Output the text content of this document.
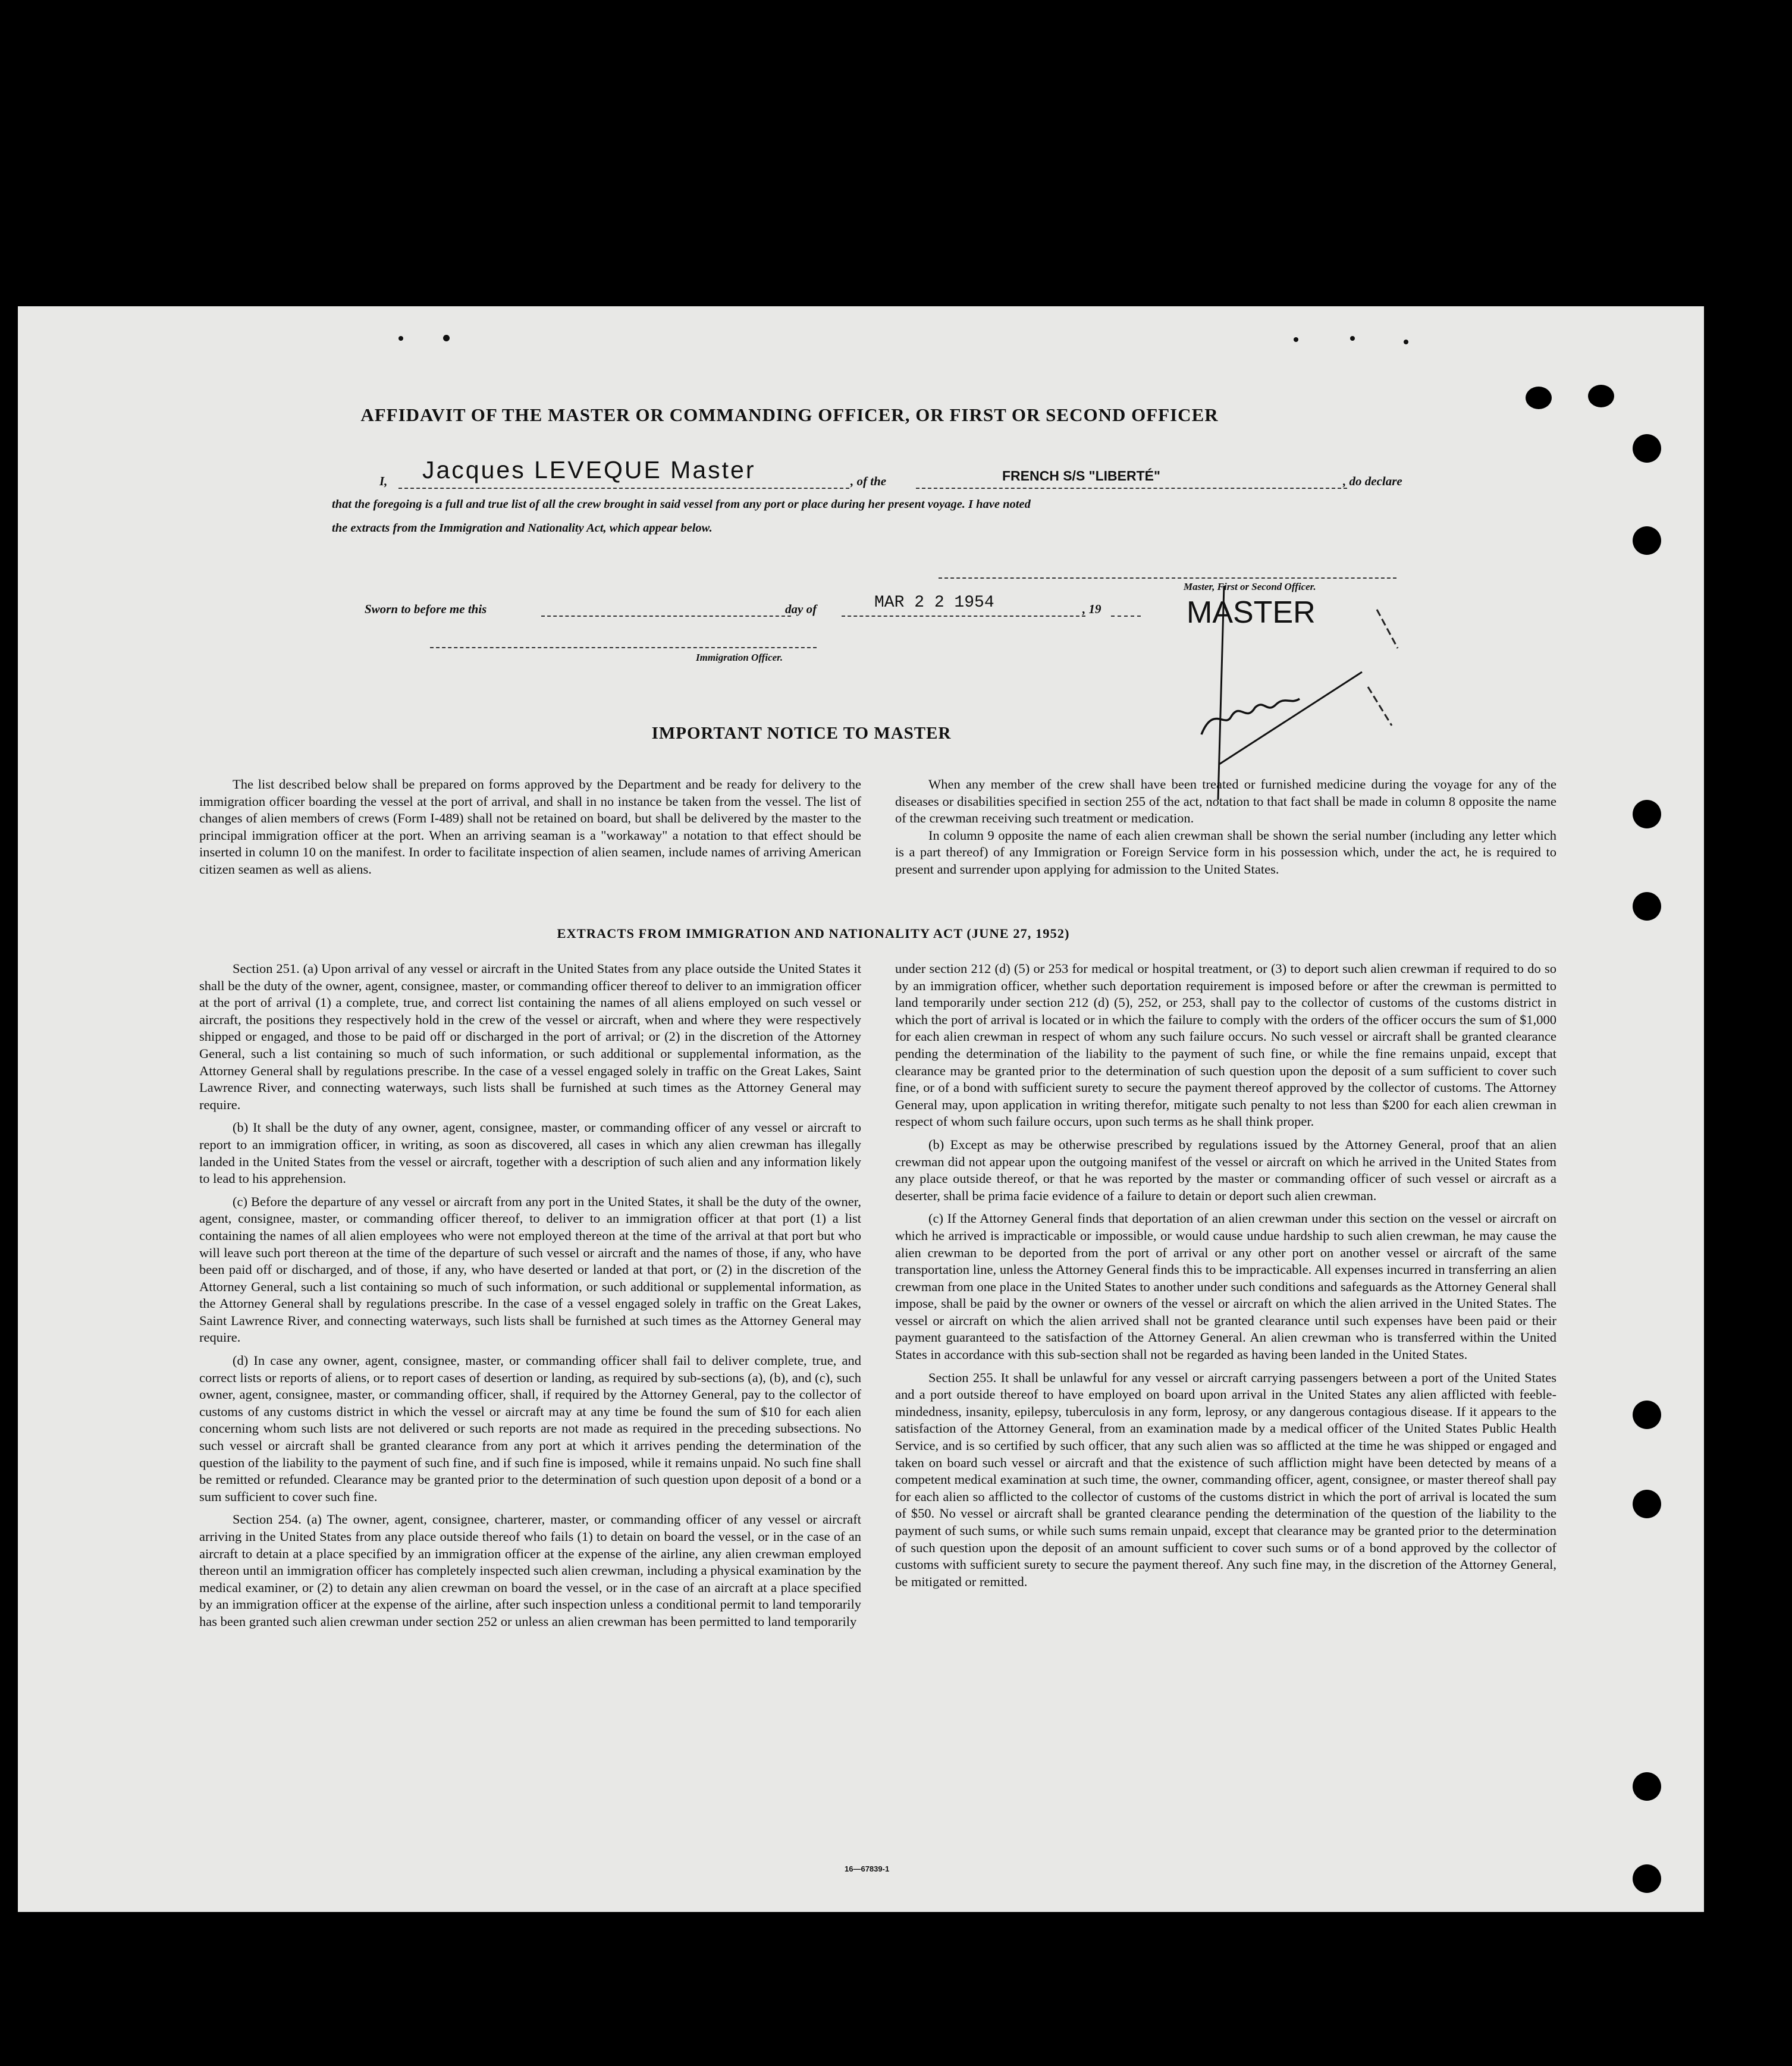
AFFIDAVIT OF THE MASTER OR COMMANDING OFFICER, OR FIRST OR SECOND OFFICER
I, Jacques LEVEQUE Master	, of the	FRENCH S/S "LIBERTÉ"	, do declare
that the foregoing is a full and true list of all the crew brought in said vessel from any port or place during her present voyage. I have noted
the extracts from the Immigration and Nationality Act, which appear below.
Master, First or Second Officer.
Sworn to before me this	day of	MAR 2 2 1954	, 19	MASTER
Immigration Officer.
IMPORTANT NOTICE TO MASTER

The list described below shall be prepared on forms approved by the Department and be ready for delivery to the immigration officer boarding the vessel at the port of arrival, and shall in no instance be taken from the vessel. The list of changes of alien members of crews (Form I-489) shall not be retained on board, but shall be delivered by the master to the principal immigration officer at the port. When an arriving seaman is a "workaway" a notation to that effect should be inserted in column 10 on the manifest. In order to facilitate inspection of alien seamen, include names of arriving American citizen seamen as well as aliens.

When any member of the crew shall have been treated or furnished medicine during the voyage for any of the diseases or disabilities specified in section 255 of the act, notation to that fact shall be made in column 8 opposite the name of the crewman receiving such treatment or medication.

In column 9 opposite the name of each alien crewman shall be shown the serial number (including any letter which is a part thereof) of any Immigration or Foreign Service form in his possession which, under the act, he is required to present and surrender upon applying for admission to the United States.

EXTRACTS FROM IMMIGRATION AND NATIONALITY ACT (JUNE 27, 1952)

Section 251. (a) Upon arrival of any vessel or aircraft in the United States from any place outside the United States it shall be the duty of the owner, agent, consignee, master, or commanding officer thereof to deliver to an immigration officer at the port of arrival (1) a complete, true, and correct list containing the names of all aliens employed on such vessel or aircraft, the positions they respectively hold in the crew of the vessel or aircraft, when and where they were respectively shipped or engaged, and those to be paid off or discharged in the port of arrival; or (2) in the discretion of the Attorney General, such a list containing so much of such information, or such additional or supplemental information, as the Attorney General shall by regulations prescribe. In the case of a vessel engaged solely in traffic on the Great Lakes, Saint Lawrence River, and connecting waterways, such lists shall be furnished at such times as the Attorney General may require.

(b) It shall be the duty of any owner, agent, consignee, master, or commanding officer of any vessel or aircraft to report to an immigration officer, in writing, as soon as discovered, all cases in which any alien crewman has illegally landed in the United States from the vessel or aircraft, together with a description of such alien and any information likely to lead to his apprehension.

(c) Before the departure of any vessel or aircraft from any port in the United States, it shall be the duty of the owner, agent, consignee, master, or commanding officer thereof, to deliver to an immigration officer at that port (1) a list containing the names of all alien employees who were not employed thereon at the time of the arrival at that port but who will leave such port thereon at the time of the departure of such vessel or aircraft and the names of those, if any, who have been paid off or discharged, and of those, if any, who have deserted or landed at that port, or (2) in the discretion of the Attorney General, such a list containing so much of such information, or such additional or supplemental information, as the Attorney General shall by regulations prescribe. In the case of a vessel engaged solely in traffic on the Great Lakes, Saint Lawrence River, and connecting waterways, such lists shall be furnished at such times as the Attorney General may require.

(d) In case any owner, agent, consignee, master, or commanding officer shall fail to deliver complete, true, and correct lists or reports of aliens, or to report cases of desertion or landing, as required by sub-sections (a), (b), and (c), such owner, agent, consignee, master, or commanding officer, shall, if required by the Attorney General, pay to the collector of customs of any customs district in which the vessel or aircraft may at any time be found the sum of $10 for each alien concerning whom such lists are not delivered or such reports are not made as required in the preceding subsections. No such vessel or aircraft shall be granted clearance from any port at which it arrives pending the determination of the question of the liability to the payment of such fine, and if such fine is imposed, while it remains unpaid. No such fine shall be remitted or refunded. Clearance may be granted prior to the determination of such question upon deposit of a bond or a sum sufficient to cover such fine.

Section 254. (a) The owner, agent, consignee, charterer, master, or commanding officer of any vessel or aircraft arriving in the United States from any place outside thereof who fails (1) to detain on board the vessel, or in the case of an aircraft to detain at a place specified by an immigration officer at the expense of the airline, any alien crewman employed thereon until an immigration officer has completely inspected such alien crewman, including a physical examination by the medical examiner, or (2) to detain any alien crewman on board the vessel, or in the case of an aircraft at a place specified by an immigration officer at the expense of the airline, after such inspection unless a conditional permit to land temporarily has been granted such alien crewman under section 252 or unless an alien crewman has been permitted to land temporarily

under section 212 (d) (5) or 253 for medical or hospital treatment, or (3) to deport such alien crewman if required to do so by an immigration officer, whether such deportation requirement is imposed before or after the crewman is permitted to land temporarily under section 212 (d) (5), 252, or 253, shall pay to the collector of customs of the customs district in which the port of arrival is located or in which the failure to comply with the orders of the officer occurs the sum of $1,000 for each alien crewman in respect of whom any such failure occurs. No such vessel or aircraft shall be granted clearance pending the determination of the liability to the payment of such fine, or while the fine remains unpaid, except that clearance may be granted prior to the determination of such question upon the deposit of a sum sufficient to cover such fine, or of a bond with sufficient surety to secure the payment thereof approved by the collector of customs. The Attorney General may, upon application in writing therefor, mitigate such penalty to not less than $200 for each alien crewman in respect of whom such failure occurs, upon such terms as he shall think proper.

(b) Except as may be otherwise prescribed by regulations issued by the Attorney General, proof that an alien crewman did not appear upon the outgoing manifest of the vessel or aircraft on which he arrived in the United States from any place outside thereof, or that he was reported by the master or commanding officer of such vessel or aircraft as a deserter, shall be prima facie evidence of a failure to detain or deport such alien crewman.

(c) If the Attorney General finds that deportation of an alien crewman under this section on the vessel or aircraft on which he arrived is impracticable or impossible, or would cause undue hardship to such alien crewman, he may cause the alien crewman to be deported from the port of arrival or any other port on another vessel or aircraft of the same transportation line, unless the Attorney General finds this to be impracticable. All expenses incurred in transferring an alien crewman from one place in the United States to another under such conditions and safeguards as the Attorney General shall impose, shall be paid by the owner or owners of the vessel or aircraft on which the alien arrived in the United States. The vessel or aircraft on which the alien arrived shall not be granted clearance until such expenses have been paid or their payment guaranteed to the satisfaction of the Attorney General. An alien crewman who is transferred within the United States in accordance with this sub-section shall not be regarded as having been landed in the United States.

Section 255. It shall be unlawful for any vessel or aircraft carrying passengers between a port of the United States and a port outside thereof to have employed on board upon arrival in the United States any alien afflicted with feeble-mindedness, insanity, epilepsy, tuberculosis in any form, leprosy, or any dangerous contagious disease. If it appears to the satisfaction of the Attorney General, from an examination made by a medical officer of the United States Public Health Service, and is so certified by such officer, that any such alien was so afflicted at the time he was shipped or engaged and taken on board such vessel or aircraft and that the existence of such affliction might have been detected by means of a competent medical examination at such time, the owner, commanding officer, agent, consignee, or master thereof shall pay for each alien so afflicted to the collector of customs of the customs district in which the port of arrival is located the sum of $50. No vessel or aircraft shall be granted clearance pending the determination of the question of the liability to the payment of such sums, or while such sums remain unpaid, except that clearance may be granted prior to the determination of such question upon the deposit of an amount sufficient to cover such sums or of a bond approved by the collector of customs with sufficient surety to secure the payment thereof. Any such fine may, in the discretion of the Attorney General, be mitigated or remitted.

16—67839-1
